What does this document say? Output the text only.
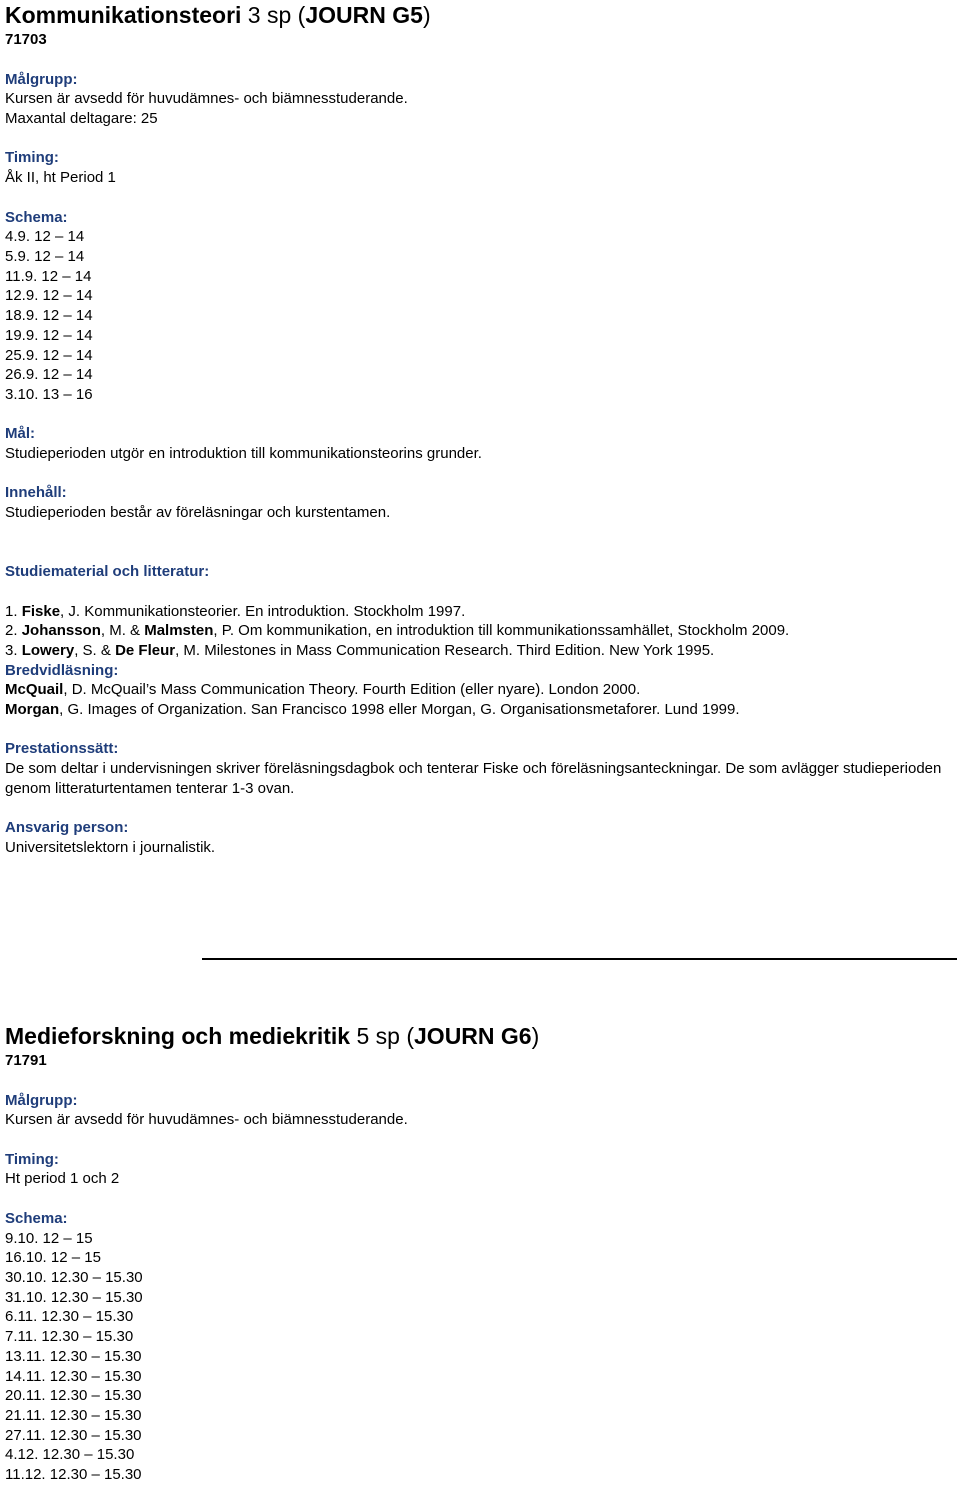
Kommunikationsteori 3 sp (JOURN G5)
71703
Målgrupp:
Kursen är avsedd för huvudämnes- och biämnesstuderande.
Maxantal deltagare: 25
Timing:
Åk II, ht Period 1
Schema:
4.9. 12 – 14
5.9. 12 – 14
11.9. 12 – 14
12.9. 12 – 14
18.9. 12 – 14
19.9. 12 – 14
25.9. 12 – 14
26.9. 12 – 14
3.10. 13 – 16
Mål:
Studieperioden utgör en introduktion till kommunikationsteorins grunder.
Innehåll:
Studieperioden består av föreläsningar och kurstentamen.
Studiematerial och litteratur:
1. Fiske, J. Kommunikationsteorier. En introduktion. Stockholm 1997.
2. Johansson, M. & Malmsten, P. Om kommunikation, en introduktion till kommunikationssamhället, Stockholm 2009.
3. Lowery, S. & De Fleur, M. Milestones in Mass Communication Research. Third Edition. New York 1995.
Bredvidläsning:
McQuail, D. McQuail’s Mass Communication Theory. Fourth Edition (eller nyare). London 2000.
Morgan, G. Images of Organization. San Francisco 1998 eller Morgan, G. Organisationsmetaforer. Lund 1999.
Prestationssätt:
De som deltar i undervisningen skriver föreläsningsdagbok och tenterar Fiske och föreläsningsanteckningar. De som avlägger studieperioden genom litteraturtentamen tenterar 1-3 ovan.
Ansvarig person:
Universitetslektorn i journalistik.
Medieforskning och mediekritik 5 sp (JOURN G6)
71791
Målgrupp:
Kursen är avsedd för huvudämnes- och biämnesstuderande.
Timing:
Ht period 1 och 2
Schema:
9.10. 12 – 15
16.10. 12 – 15
30.10. 12.30 – 15.30
31.10. 12.30 – 15.30
6.11. 12.30 – 15.30
7.11. 12.30 – 15.30
13.11. 12.30 – 15.30
14.11. 12.30 – 15.30
20.11. 12.30 – 15.30
21.11. 12.30 – 15.30
27.11. 12.30 – 15.30
4.12. 12.30 – 15.30
11.12. 12.30 – 15.30
